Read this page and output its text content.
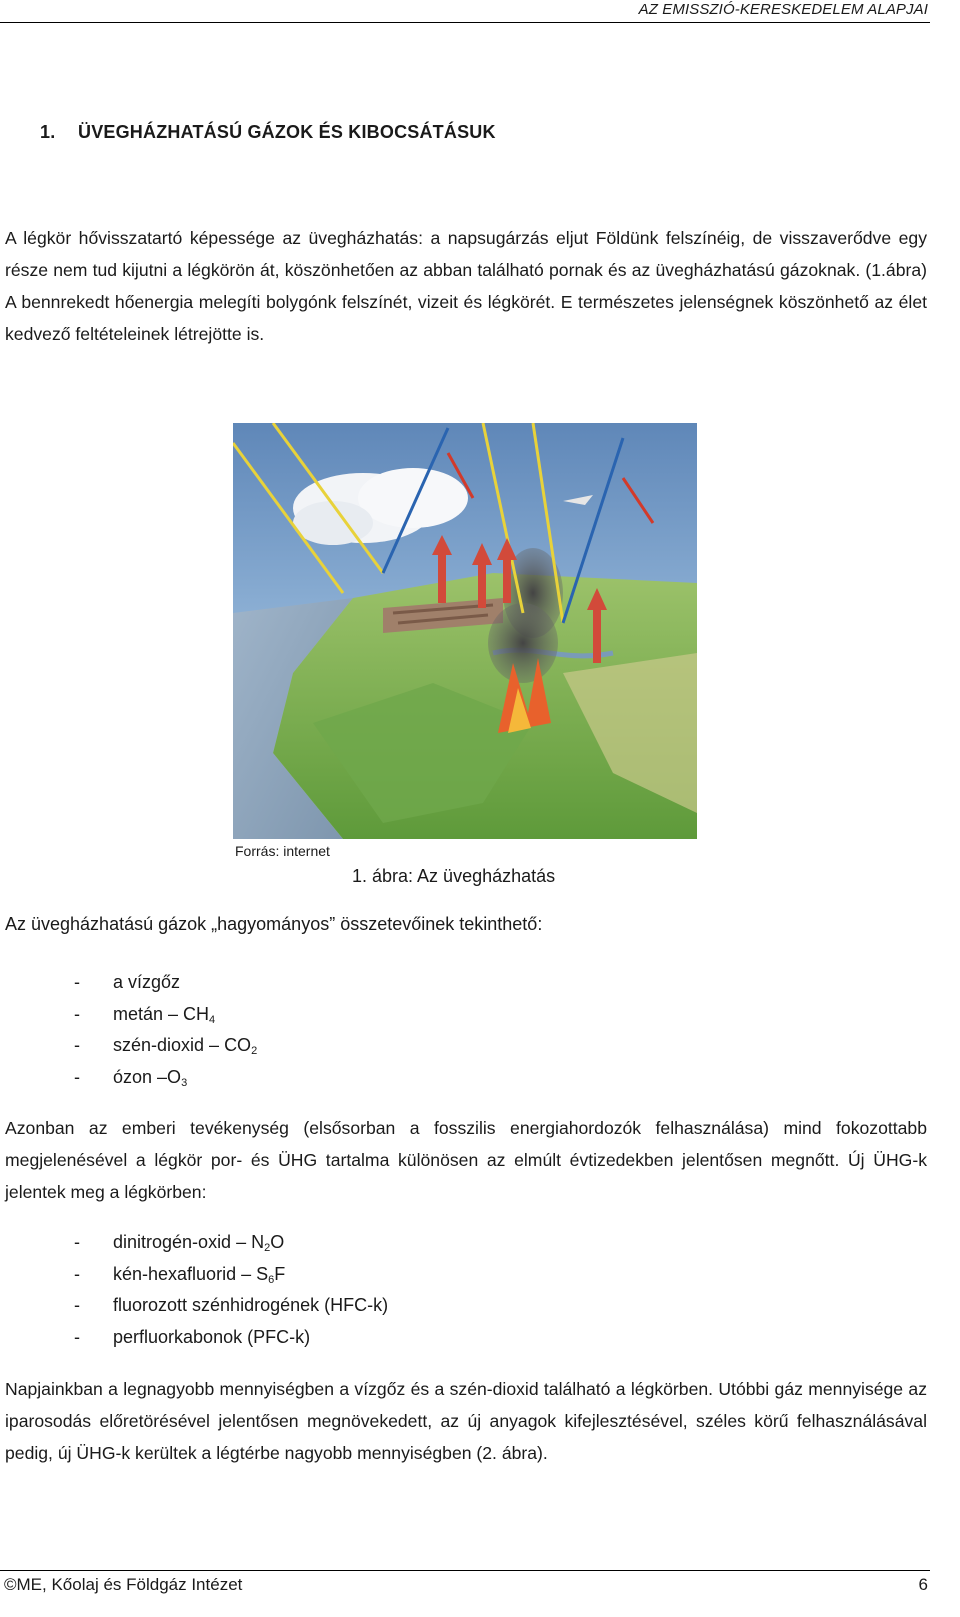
AZ EMISSZIÓ-KERESKEDELEM ALAPJAI
1. ÜVEGHÁZHATÁSÚ GÁZOK ÉS KIBOCSÁTÁSUK

A légkör hővisszatartó képessége az üvegházhatás: a napsugárzás eljut Földünk felszínéig, de visszaverődve egy része nem tud kijutni a légkörön át, köszönhetően az abban található pornak és az üvegházhatású gázoknak. (1.ábra) A bennrekedt hőenergia melegíti bolygónk felszínét, vizeit és légkörét. E természetes jelenségnek köszönhető az élet kedvező feltételeinek létrejötte is.

Forrás: internet
1. ábra: Az üvegházhatás

Az üvegházhatású gázok „hagyományos” összetevőinek tekinthető:

- a vízgőz
- metán – $CH_4$
- szén-dioxid – $CO_2$
- ózon $-O_3$

Azonban az emberi tevékenység (elsősorban a fosszilis energiahordozók felhasználása) mind fokozottabb megjelenésével a légkör por- és ÜHG tartalma különösen az elmúlt évtizedekben jelentősen megnőtt. Új ÜHG-k jelentek meg a légkörben:

- dinitrogén-oxid – $N_2O$
- kén-hexafluorid – $S_6F$
- fluorozott szénhidrogének (HFC-k)
- perfluorkabonok (PFC-k)

Napjainkban a legnagyobb mennyiségben a vízgőz és a szén-dioxid található a légkörben. Utóbbi gáz mennyisége az iparosodás előretörésével jelentősen megnövekedett, az új anyagok kifejlesztésével, széles körű felhasználásával pedig, új ÜHG-k kerültek a légtérbe nagyobb mennyiségben (2. ábra).

©ME, Kőolaj és Földgáz Intézet	6
